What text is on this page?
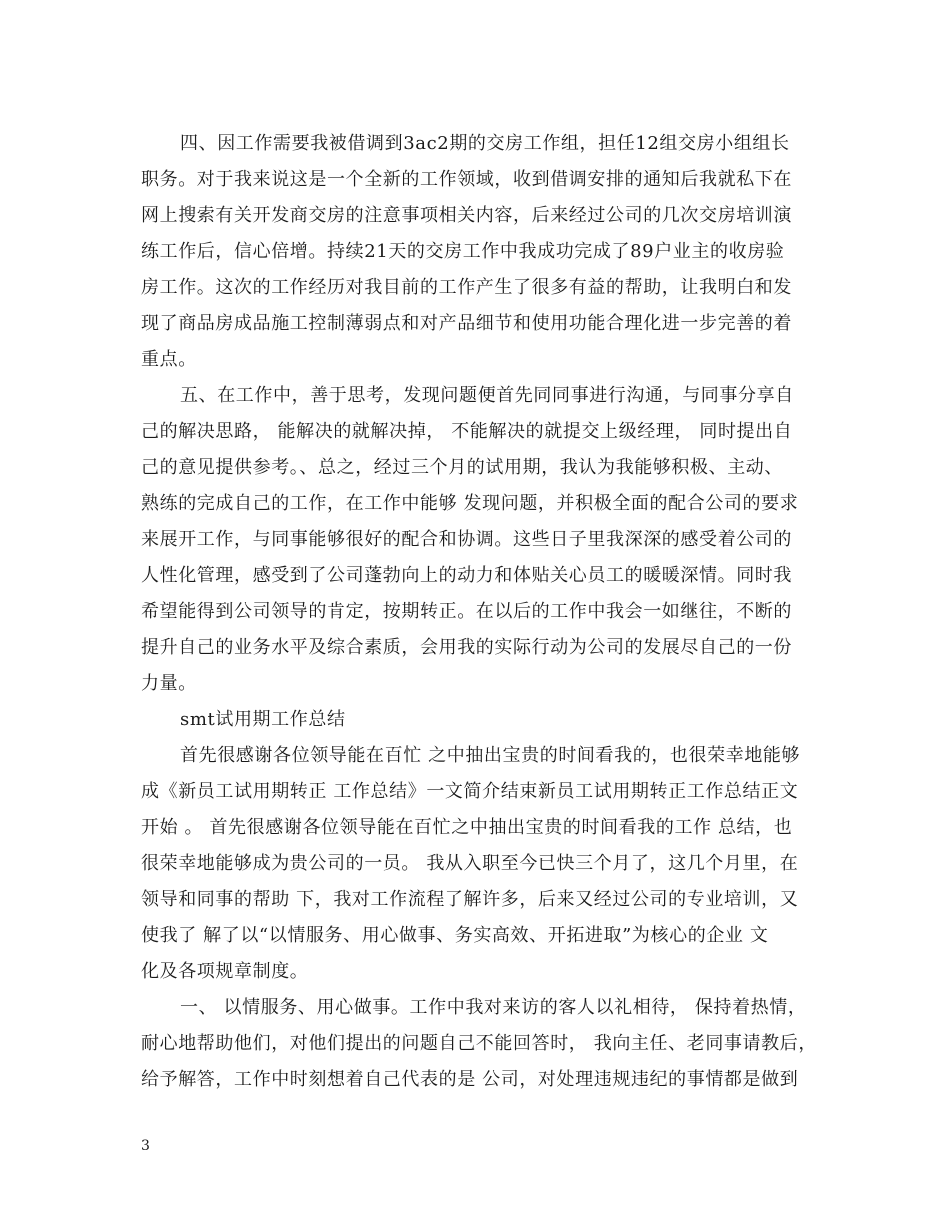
四、因工作需要我被借调到3ac2期的交房工作组，担任12组交房小组组长
职务。对于我来说这是一个全新的工作领域，收到借调安排的通知后我就私下在
网上搜索有关开发商交房的注意事项相关内容，后来经过公司的几次交房培训演
练工作后，信心倍增。持续21天的交房工作中我成功完成了89户业主的收房验
房工作。这次的工作经历对我目前的工作产生了很多有益的帮助，让我明白和发
现了商品房成品施工控制薄弱点和对产品细节和使用功能合理化进一步完善的着
重点。
五、在工作中，善于思考，发现问题便首先同同事进行沟通，与同事分享自
己的解决思路， 能解决的就解决掉， 不能解决的就提交上级经理， 同时提出自
己的意见提供参考。、总之，经过三个月的试用期，我认为我能够积极、主动、
熟练的完成自己的工作，在工作中能够 发现问题，并积极全面的配合公司的要求
来展开工作，与同事能够很好的配合和协调。这些日子里我深深的感受着公司的
人性化管理，感受到了公司蓬勃向上的动力和体贴关心员工的暖暖深情。同时我
希望能得到公司领导的肯定，按期转正。在以后的工作中我会一如继往，不断的
提升自己的业务水平及综合素质，会用我的实际行动为公司的发展尽自己的一份
力量。
smt试用期工作总结
首先很感谢各位领导能在百忙 之中抽出宝贵的时间看我的，也很荣幸地能够
成《新员工试用期转正 工作总结》一文简介结束新员工试用期转正工作总结正文
开始 。 首先很感谢各位领导能在百忙之中抽出宝贵的时间看我的工作 总结，也
很荣幸地能够成为贵公司的一员。 我从入职至今已快三个月了，这几个月里，在
领导和同事的帮助 下，我对工作流程了解许多，后来又经过公司的专业培训，又
使我了 解了以“以情服务、用心做事、务实高效、开拓进取”为核心的企业 文
化及各项规章制度。
一、 以情服务、用心做事。工作中我对来访的客人以礼相待， 保持着热情，
耐心地帮助他们，对他们提出的问题自己不能回答时， 我向主任、老同事请教后，
给予解答，工作中时刻想着自己代表的是 公司，对处理违规违纪的事情都是做到
3
